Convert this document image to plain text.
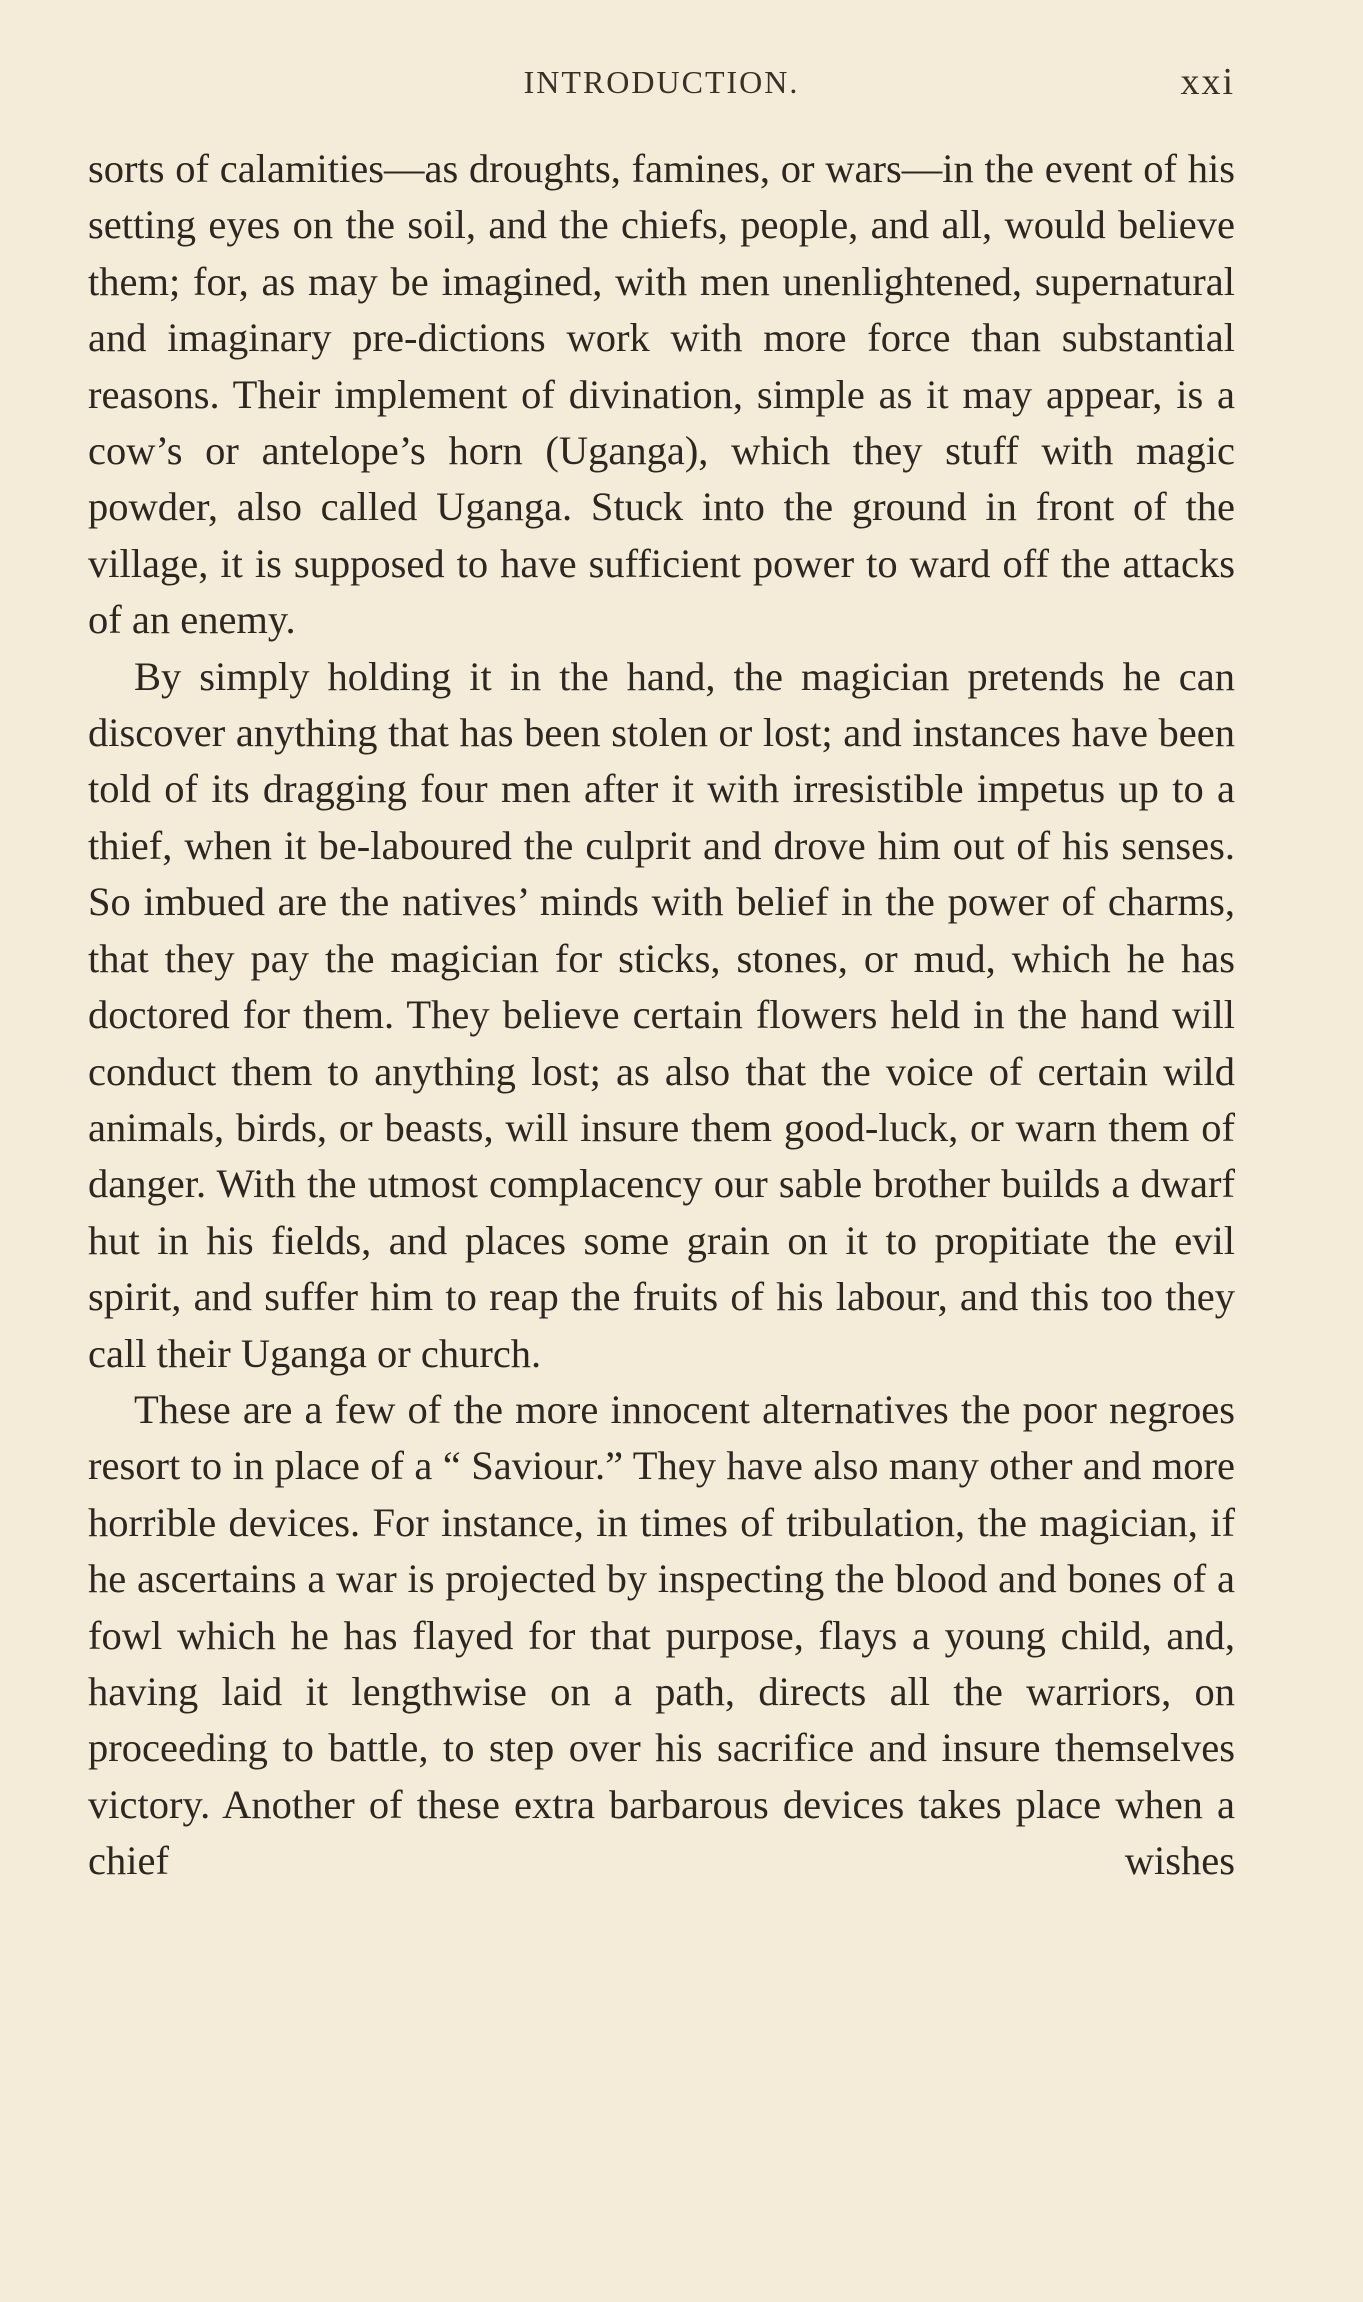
INTRODUCTION.	xxi

sorts of calamities—as droughts, famines, or wars—in the event of his setting eyes on the soil, and the chiefs, people, and all, would believe them; for, as may be imagined, with men unenlightened, supernatural and imaginary pre-dictions work with more force than substantial reasons. Their implement of divination, simple as it may appear, is a cow’s or antelope’s horn (Uganga), which they stuff with magic powder, also called Uganga. Stuck into the ground in front of the village, it is supposed to have sufficient power to ward off the attacks of an enemy.

By simply holding it in the hand, the magician pretends he can discover anything that has been stolen or lost; and instances have been told of its dragging four men after it with irresistible impetus up to a thief, when it be-laboured the culprit and drove him out of his senses. So imbued are the natives’ minds with belief in the power of charms, that they pay the magician for sticks, stones, or mud, which he has doctored for them. They believe certain flowers held in the hand will conduct them to anything lost; as also that the voice of certain wild animals, birds, or beasts, will insure them good-luck, or warn them of danger. With the utmost complacency our sable brother builds a dwarf hut in his fields, and places some grain on it to propitiate the evil spirit, and suffer him to reap the fruits of his labour, and this too they call their Uganga or church.

These are a few of the more innocent alternatives the poor negroes resort to in place of a “ Saviour.” They have also many other and more horrible devices. For instance, in times of tribulation, the magician, if he ascertains a war is projected by inspecting the blood and bones of a fowl which he has flayed for that purpose, flays a young child, and, having laid it lengthwise on a path, directs all the warriors, on proceeding to battle, to step over his sacrifice and insure themselves victory. Another of these extra barbarous devices takes place when a chief wishes
